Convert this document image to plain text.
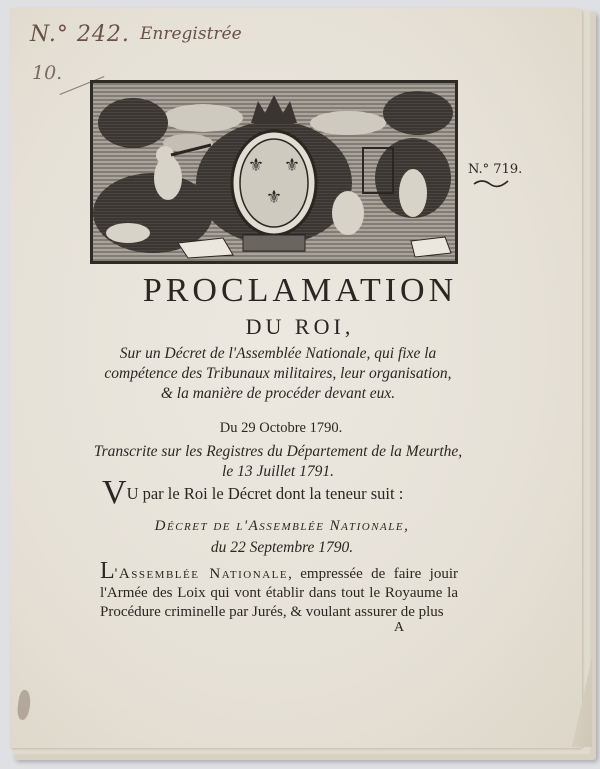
N.° 242. Enregistrée
10.
⚜ ⚜
⚜
N.° 719.
PROCLAMATION
DU ROI,
Sur un Décret de l'Assemblée Nationale, qui fixe la compétence des Tribunaux militaires, leur organisation, & la manière de procéder devant eux.
Du 29 Octobre 1790.
Transcrite sur les Registres du Département de la Meurthe, le 13 Juillet 1791.
VU par le Roi le Décret dont la teneur suit :
Décret de l'Assemblée Nationale,
du 22 Septembre 1790.
L'Assemblée Nationale, empressée de faire jouir l'Armée des Loix qui vont établir dans tout le Royaume la Procédure criminelle par Jurés, & voulant assurer de plus
A
